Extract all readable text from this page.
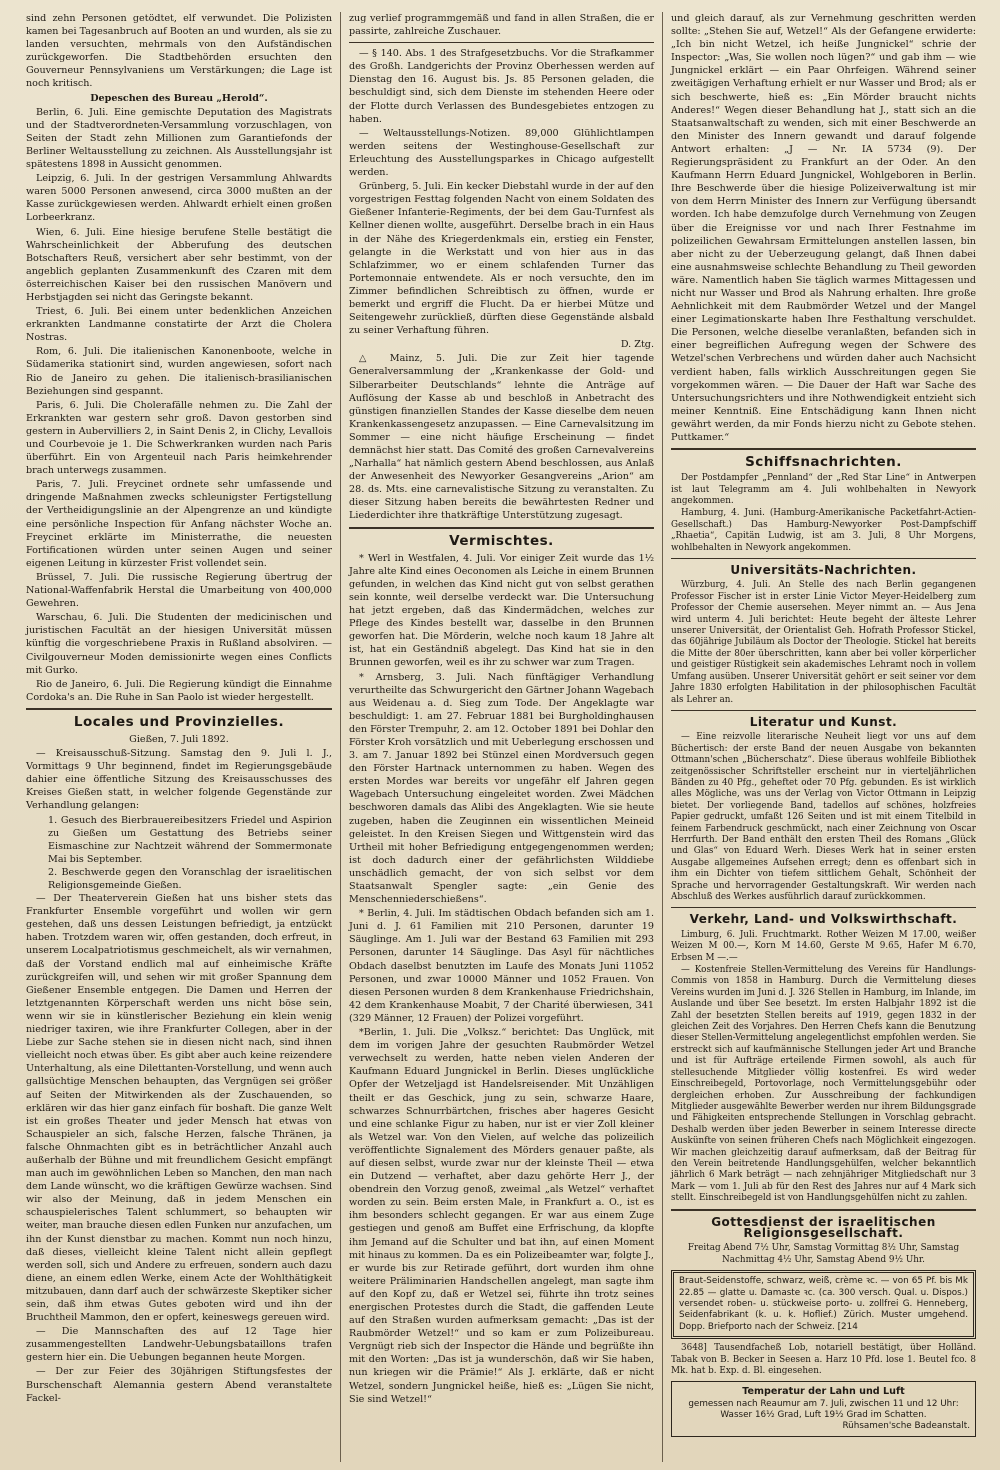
sind zehn Personen getödtet, elf verwundet. Die Polizisten kamen bei Tagesanbruch auf Booten an und wurden, als sie zu landen versuchten, mehrmals von den Aufständischen zurückgeworfen. Die Stadtbehörden ersuchten den Gouverneur Pennsylvaniens um Verstärkungen; die Lage ist noch kritisch.

Depeschen des Bureau „Herold“.

Berlin, 6. Juli. Eine gemischte Deputation des Magistrats und der Stadtverordneten-Versammlung vorzuschlagen, von Seiten der Stadt zehn Millionen zum Garantiefonds der Berliner Weltausstellung zu zeichnen. Als Ausstellungsjahr ist spätestens 1898 in Aussicht genommen.

Leipzig, 6. Juli. In der gestrigen Versammlung Ahlwardts waren 5000 Personen anwesend, circa 3000 mußten an der Kasse zurückgewiesen werden. Ahlwardt erhielt einen großen Lorbeerkranz.

Wien, 6. Juli. Eine hiesige berufene Stelle bestätigt die Wahrscheinlichkeit der Abberufung des deutschen Botschafters Reuß, versichert aber sehr bestimmt, von der angeblich geplanten Zusammenkunft des Czaren mit dem österreichischen Kaiser bei den russischen Manövern und Herbstjagden sei nicht das Geringste bekannt.

Triest, 6. Juli. Bei einem unter bedenklichen Anzeichen erkrankten Landmanne constatirte der Arzt die Cholera Nostras.

Rom, 6. Juli. Die italienischen Kanonenboote, welche in Südamerika stationirt sind, wurden angewiesen, sofort nach Rio de Janeiro zu gehen. Die italienisch-brasilianischen Beziehungen sind gespannt.

Paris, 6. Juli. Die Cholerafälle nehmen zu. Die Zahl der Erkrankten war gestern sehr groß. Davon gestorben sind gestern in Aubervilliers 2, in Saint Denis 2, in Clichy, Levallois und Courbevoie je 1. Die Schwerkranken wurden nach Paris überführt. Ein von Argenteuil nach Paris heimkehrender brach unterwegs zusammen.

Paris, 7. Juli. Freycinet ordnete sehr umfassende und dringende Maßnahmen zwecks schleunigster Fertigstellung der Vertheidigungslinie an der Alpengrenze an und kündigte eine persönliche Inspection für Anfang nächster Woche an. Freycinet erklärte im Ministerrathe, die neuesten Fortificationen würden unter seinen Augen und seiner eigenen Leitung in kürzester Frist vollendet sein.

Brüssel, 7. Juli. Die russische Regierung übertrug der National-Waffenfabrik Herstal die Umarbeitung von 400,000 Gewehren.

Warschau, 6. Juli. Die Studenten der medicinischen und juristischen Facultät an der hiesigen Universität müssen künftig die vorgeschriebene Praxis in Rußland absolviren. — Civilgouverneur Moden demissionirte wegen eines Conflicts mit Gurko.

Rio de Janeiro, 6. Juli. Die Regierung kündigt die Einnahme Cordoka's an. Die Ruhe in San Paolo ist wieder hergestellt.

Locales und Provinzielles.

Gießen, 7. Juli 1892.

— Kreisausschuß-Sitzung. Samstag den 9. Juli l. J., Vormittags 9 Uhr beginnend, findet im Regierungsgebäude dahier eine öffentliche Sitzung des Kreisausschusses des Kreises Gießen statt, in welcher folgende Gegenstände zur Verhandlung gelangen:

1. Gesuch des Bierbrauereibesitzers Friedel und Aspirion zu Gießen um Gestattung des Betriebs seiner Eismaschine zur Nachtzeit während der Sommermonate Mai bis September.
2. Beschwerde gegen den Voranschlag der israelitischen Religionsgemeinde Gießen.

— Der Theaterverein Gießen hat uns bisher stets das Frankfurter Ensemble vorgeführt und wollen wir gern gestehen, daß uns dessen Leistungen befriedigt, ja entzückt haben. Trotzdem waren wir, offen gestanden, doch erfreut, in unserem Localpatriotismus geschmeichelt, als wir vernahmen, daß der Vorstand endlich mal auf einheimische Kräfte zurückgreifen will, und sehen wir mit großer Spannung dem Gießener Ensemble entgegen. Die Damen und Herren der letztgenannten Körperschaft werden uns nicht böse sein, wenn wir sie in künstlerischer Beziehung ein klein wenig niedriger taxiren, wie ihre Frankfurter Collegen, aber in der Liebe zur Sache stehen sie in diesen nicht nach, sind ihnen vielleicht noch etwas über. Es gibt aber auch keine reizendere Unterhaltung, als eine Dilettanten-Vorstellung, und wenn auch gallsüchtige Menschen behaupten, das Vergnügen sei größer auf Seiten der Mitwirkenden als der Zuschauenden, so erklären wir das hier ganz einfach für boshaft. Die ganze Welt ist ein großes Theater und jeder Mensch hat etwas von Schauspieler an sich, falsche Herzen, falsche Thränen, ja falsche Ohnmachten gibt es in beträchtlicher Anzahl auch außerhalb der Bühne und mit freundlichem Gesicht empfängt man auch im gewöhnlichen Leben so Manchen, den man nach dem Lande wünscht, wo die kräftigen Gewürze wachsen. Sind wir also der Meinung, daß in jedem Menschen ein schauspielerisches Talent schlummert, so behaupten wir weiter, man brauche diesen edlen Funken nur anzufachen, um ihn der Kunst dienstbar zu machen. Kommt nun noch hinzu, daß dieses, vielleicht kleine Talent nicht allein gepflegt werden soll, sich und Andere zu erfreuen, sondern auch dazu diene, an einem edlen Werke, einem Acte der Wohlthätigkeit mitzubauen, dann darf auch der schwärzeste Skeptiker sicher sein, daß ihm etwas Gutes geboten wird und ihn der Bruchtheil Mammon, den er opfert, keineswegs gereuen wird.

— Die Mannschaften des auf 12 Tage hier zusammengestellten Landwehr-Uebungsbataillons trafen gestern hier ein. Die Uebungen begannen heute Morgen.

— Der zur Feier des 30jährigen Stiftungsfestes der Burschenschaft Alemannia gestern Abend veranstaltete Fackel-

zug verlief programmgemäß und fand in allen Straßen, die er passirte, zahlreiche Zuschauer.

— § 140. Abs. 1 des Strafgesetzbuchs. Vor die Strafkammer des Großh. Landgerichts der Provinz Oberhessen werden auf Dienstag den 16. August bis. Js. 85 Personen geladen, die beschuldigt sind, sich dem Dienste im stehenden Heere oder der Flotte durch Verlassen des Bundesgebietes entzogen zu haben.

— Weltausstellungs-Notizen. 89,000 Glühlichtlampen werden seitens der Westinghouse-Gesellschaft zur Erleuchtung des Ausstellungsparkes in Chicago aufgestellt werden.

Grünberg, 5. Juli. Ein kecker Diebstahl wurde in der auf den vorgestrigen Festtag folgenden Nacht von einem Soldaten des Gießener Infanterie-Regiments, der bei dem Gau-Turnfest als Kellner dienen wollte, ausgeführt. Derselbe brach in ein Haus in der Nähe des Kriegerdenkmals ein, erstieg ein Fenster, gelangte in die Werkstatt und von hier aus in das Schlafzimmer, wo er einem schlafenden Turner das Portemonnaie entwendete. Als er noch versuchte, den im Zimmer befindlichen Schreibtisch zu öffnen, wurde er bemerkt und ergriff die Flucht. Da er hierbei Mütze und Seitengewehr zurückließ, dürften diese Gegenstände alsbald zu seiner Verhaftung führen.

D. Ztg.

△ Mainz, 5. Juli. Die zur Zeit hier tagende Generalversammlung der „Krankenkasse der Gold- und Silberarbeiter Deutschlands“ lehnte die Anträge auf Auflösung der Kasse ab und beschloß in Anbetracht des günstigen finanziellen Standes der Kasse dieselbe dem neuen Krankenkassengesetz anzupassen. — Eine Carnevalsitzung im Sommer — eine nicht häufige Erscheinung — findet demnächst hier statt. Das Comité des großen Carnevalvereins „Narhalla“ hat nämlich gestern Abend beschlossen, aus Anlaß der Anwesenheit des Newyorker Gesangvereins „Arion“ am 28. ds. Mts. eine carnevalistische Sitzung zu veranstalten. Zu dieser Sitzung haben bereits die bewährtesten Redner und Liederdichter ihre thatkräftige Unterstützung zugesagt.

Vermischtes.

* Werl in Westfalen, 4. Juli. Vor einiger Zeit wurde das 1½ Jahre alte Kind eines Oeconomen als Leiche in einem Brunnen gefunden, in welchen das Kind nicht gut von selbst gerathen sein konnte, weil derselbe verdeckt war. Die Untersuchung hat jetzt ergeben, daß das Kindermädchen, welches zur Pflege des Kindes bestellt war, dasselbe in den Brunnen geworfen hat. Die Mörderin, welche noch kaum 18 Jahre alt ist, hat ein Geständniß abgelegt. Das Kind hat sie in den Brunnen geworfen, weil es ihr zu schwer war zum Tragen.

* Arnsberg, 3. Juli. Nach fünftägiger Verhandlung verurtheilte das Schwurgericht den Gärtner Johann Wagebach aus Weidenau a. d. Sieg zum Tode. Der Angeklagte war beschuldigt: 1. am 27. Februar 1881 bei Burgholdinghausen den Förster Trempuhr, 2. am 12. October 1891 bei Dohlar den Förster Kroh vorsätzlich und mit Ueberlegung erschossen und 3. am 7. Januar 1892 bei Stünzel einen Mordversuch gegen den Förster Hartnack unternommen zu haben. Wegen des ersten Mordes war bereits vor ungefähr elf Jahren gegen Wagebach Untersuchung eingeleitet worden. Zwei Mädchen beschworen damals das Alibi des Angeklagten. Wie sie heute zugeben, haben die Zeuginnen ein wissentlichen Meineid geleistet. In den Kreisen Siegen und Wittgenstein wird das Urtheil mit hoher Befriedigung entgegengenommen werden; ist doch dadurch einer der gefährlichsten Wilddiebe unschädlich gemacht, der von sich selbst vor dem Staatsanwalt Spengler sagte: „ein Genie des Menschenniederschießens“.

* Berlin, 4. Juli. Im städtischen Obdach befanden sich am 1. Juni d. J. 61 Familien mit 210 Personen, darunter 19 Säuglinge. Am 1. Juli war der Bestand 63 Familien mit 293 Personen, darunter 14 Säuglinge. Das Asyl für nächtliches Obdach daselbst benutzten im Laufe des Monats Juni 11052 Personen, und zwar 10000 Männer und 1052 Frauen. Von diesen Personen wurden 8 dem Krankenhause Friedrichshain, 42 dem Krankenhause Moabit, 7 der Charité überwiesen, 341 (329 Männer, 12 Frauen) der Polizei vorgeführt.

*Berlin, 1. Juli. Die „Volksz.“ berichtet: Das Unglück, mit dem im vorigen Jahre der gesuchten Raubmörder Wetzel verwechselt zu werden, hatte neben vielen Anderen der Kaufmann Eduard Jungnickel in Berlin. Dieses unglückliche Opfer der Wetzeljagd ist Handelsreisender. Mit Unzähligen theilt er das Geschick, jung zu sein, schwarze Haare, schwarzes Schnurrbärtchen, frisches aber hageres Gesicht und eine schlanke Figur zu haben, nur ist er vier Zoll kleiner als Wetzel war. Von den Vielen, auf welche das polizeilich veröffentlichte Signalement des Mörders genauer paßte, als auf diesen selbst, wurde zwar nur der kleinste Theil — etwa ein Dutzend — verhaftet, aber dazu gehörte Herr J., der obendrein den Vorzug genoß, zweimal „als Wetzel“ verhaftet worden zu sein. Beim ersten Male, in Frankfurt a. O., ist es ihm besonders schlecht gegangen. Er war aus einem Zuge gestiegen und genoß am Buffet eine Erfrischung, da klopfte ihm Jemand auf die Schulter und bat ihn, auf einen Moment mit hinaus zu kommen. Da es ein Polizeibeamter war, folgte J., er wurde bis zur Retirade geführt, dort wurden ihm ohne weitere Präliminarien Handschellen angelegt, man sagte ihm auf den Kopf zu, daß er Wetzel sei, führte ihn trotz seines energischen Protestes durch die Stadt, die gaffenden Leute auf den Straßen wurden aufmerksam gemacht: „Das ist der Raubmörder Wetzel!“ und so kam er zum Polizeibureau. Vergnügt rieb sich der Inspector die Hände und begrüßte ihn mit den Worten: „Das ist ja wunderschön, daß wir Sie haben, nun kriegen wir die Prämie!“ Als J. erklärte, daß er nicht Wetzel, sondern Jungnickel heiße, hieß es: „Lügen Sie nicht, Sie sind Wetzel!“

und gleich darauf, als zur Vernehmung geschritten werden sollte: „Stehen Sie auf, Wetzel!“ Als der Gefangene erwiderte: „Ich bin nicht Wetzel, ich heiße Jungnickel“ schrie der Inspector: „Was, Sie wollen noch lügen?“ und gab ihm — wie Jungnickel erklärt — ein Paar Ohrfeigen. Während seiner zweitägigen Verhaftung erhielt er nur Wasser und Brod; als er sich beschwerte, hieß es: „Ein Mörder braucht nichts Anderes!“ Wegen dieser Behandlung hat J., statt sich an die Staatsanwaltschaft zu wenden, sich mit einer Beschwerde an den Minister des Innern gewandt und darauf folgende Antwort erhalten: „J — Nr. IA 5734 (9). Der Regierungspräsident zu Frankfurt an der Oder. An den Kaufmann Herrn Eduard Jungnickel, Wohlgeboren in Berlin. Ihre Beschwerde über die hiesige Polizeiverwaltung ist mir von dem Herrn Minister des Innern zur Verfügung übersandt worden. Ich habe demzufolge durch Vernehmung von Zeugen über die Ereignisse vor und nach Ihrer Festnahme im polizeilichen Gewahrsam Ermittelungen anstellen lassen, bin aber nicht zu der Ueberzeugung gelangt, daß Ihnen dabei eine ausnahmsweise schlechte Behandlung zu Theil geworden wäre. Namentlich haben Sie täglich warmes Mittagessen und nicht nur Wasser und Brod als Nahrung erhalten. Ihre große Aehnlichkeit mit dem Raubmörder Wetzel und der Mangel einer Legimationskarte haben Ihre Festhaltung verschuldet. Die Personen, welche dieselbe veranlaßten, befanden sich in einer begreiflichen Aufregung wegen der Schwere des Wetzel'schen Verbrechens und würden daher auch Nachsicht verdient haben, falls wirklich Ausschreitungen gegen Sie vorgekommen wären. — Die Dauer der Haft war Sache des Untersuchungsrichters und ihre Nothwendigkeit entzieht sich meiner Kenntniß. Eine Entschädigung kann Ihnen nicht gewährt werden, da mir Fonds hierzu nicht zu Gebote stehen. Puttkamer.“

Schiffsnachrichten.

Der Postdampfer „Pennland“ der „Red Star Line“ in Antwerpen ist laut Telegramm am 4. Juli wohlbehalten in Newyork angekommen.

Hamburg, 4. Juni. (Hamburg-Amerikanische Packetfahrt-Actien-Gesellschaft.) Das Hamburg-Newyorker Post-Dampfschiff „Rhaetia“, Capitän Ludwig, ist am 3. Juli, 8 Uhr Morgens, wohlbehalten in Newyork angekommen.

Universitäts-Nachrichten.

Würzburg, 4. Juli. An Stelle des nach Berlin gegangenen Professor Fischer ist in erster Linie Victor Meyer-Heidelberg zum Professor der Chemie ausersehen. Meyer nimmt an. — Aus Jena wird unterm 4. Juli berichtet: Heute begeht der älteste Lehrer unserer Universität, der Orientalist Geh. Hofrath Professor Stickel, das 60jährige Jubiläum als Doctor der Theologie. Stickel hat bereits die Mitte der 80er überschritten, kann aber bei voller körperlicher und geistiger Rüstigkeit sein akademisches Lehramt noch in vollem Umfang ausüben. Unserer Universität gehört er seit seiner vor dem Jahre 1830 erfolgten Habilitation in der philosophischen Facultät als Lehrer an.

Literatur und Kunst.

— Eine reizvolle literarische Neuheit liegt vor uns auf dem Büchertisch: der erste Band der neuen Ausgabe von bekannten Ottmann'schen „Bücherschatz“. Diese überaus wohlfeile Bibliothek zeitgenössischer Schriftsteller erscheint nur in vierteljährlichen Bänden zu 40 Pfg., geheftet oder 70 Pfg. gebunden. Es ist wirklich alles Mögliche, was uns der Verlag von Victor Ottmann in Leipzig bietet. Der vorliegende Band, tadellos auf schönes, holzfreies Papier gedruckt, umfaßt 126 Seiten und ist mit einem Titelbild in feinem Farbendruck geschmückt, nach einer Zeichnung von Oscar Herrfurth. Der Band enthält den ersten Theil des Romans „Glück und Glas“ von Eduard Werh. Dieses Werk hat in seiner ersten Ausgabe allgemeines Aufsehen erregt; denn es offenbart sich in ihm ein Dichter von tiefem sittlichem Gehalt, Schönheit der Sprache und hervorragender Gestaltungskraft. Wir werden nach Abschluß des Werkes ausführlich darauf zurückkommen.

Verkehr, Land- und Volkswirthschaft.

Limburg, 6. Juli. Fruchtmarkt. Rother Weizen M 17.00, weißer Weizen M 00.—, Korn M 14.60, Gerste M 9.65, Hafer M 6.70, Erbsen M —.—

— Kostenfreie Stellen-Vermittelung des Vereins für Handlungs-Commis von 1858 in Hamburg. Durch die Vermittelung dieses Vereins wurden im Juni d. J. 326 Stellen in Hamburg, im Inlande, im Auslande und über See besetzt. Im ersten Halbjahr 1892 ist die Zahl der besetzten Stellen bereits auf 1919, gegen 1832 in der gleichen Zeit des Vorjahres. Den Herren Chefs kann die Benutzung dieser Stellen-Vermittelung angelegentlichst empfohlen werden. Sie erstreckt sich auf kaufmännische Stellungen jeder Art und Branche und ist für Aufträge erteilende Firmen sowohl, als auch für stellesuchende Mitglieder völlig kostenfrei. Es wird weder Einschreibegeld, Portovorlage, noch Vermittelungsgebühr oder dergleichen erhoben. Zur Ausschreibung der fachkundigen Mitglieder ausgewählte Bewerber werden nur ihrem Bildungsgrade und Fähigkeiten entsprechende Stellungen in Vorschlag gebracht. Deshalb werden über jeden Bewerber in seinem Interesse directe Auskünfte von seinen früheren Chefs nach Möglichkeit eingezogen. Wir machen gleichzeitig darauf aufmerksam, daß der Beitrag für den Verein beitretende Handlungsgehülfen, welcher bekanntlich jährlich 6 Mark beträgt — nach zehnjähriger Mitgliedschaft nur 3 Mark — vom 1. Juli ab für den Rest des Jahres nur auf 4 Mark sich stellt. Einschreibegeld ist von Handlungsgehülfen nicht zu zahlen.

Gottesdienst der israelitischen Religionsgesellschaft.

Freitag Abend 7½ Uhr, Samstag Vormittag 8½ Uhr, Samstag Nachmittag 4½ Uhr, Samstag Abend 9½ Uhr.

Braut-Seidenstoffe, schwarz, weiß, crème ꝛc. — von 65 Pf. bis Mk 22.85 — glatte u. Damaste ꝛc. (ca. 300 versch. Qual. u. Dispos.) versendet roben- u. stückweise porto- u. zollfrei G. Henneberg, Seidenfabrikant (k. u. k. Hoflief.) Zürich. Muster umgehend. Dopp. Briefporto nach der Schweiz. [214

3648] Tausendfacheß Lob, notariell bestätigt, über Holländ. Tabak von B. Becker in Seesen a. Harz 10 Pfd. lose 1. Beutel fco. 8 Mk. hat b. Exp. d. Bl. eingesehen.

Temperatur der Lahn und Luft
gemessen nach Reaumur am 7. Juli, zwischen 11 und 12 Uhr: Wasser 16½ Grad, Luft 19½ Grad im Schatten.
Rühsamen'sche Badeanstalt.
